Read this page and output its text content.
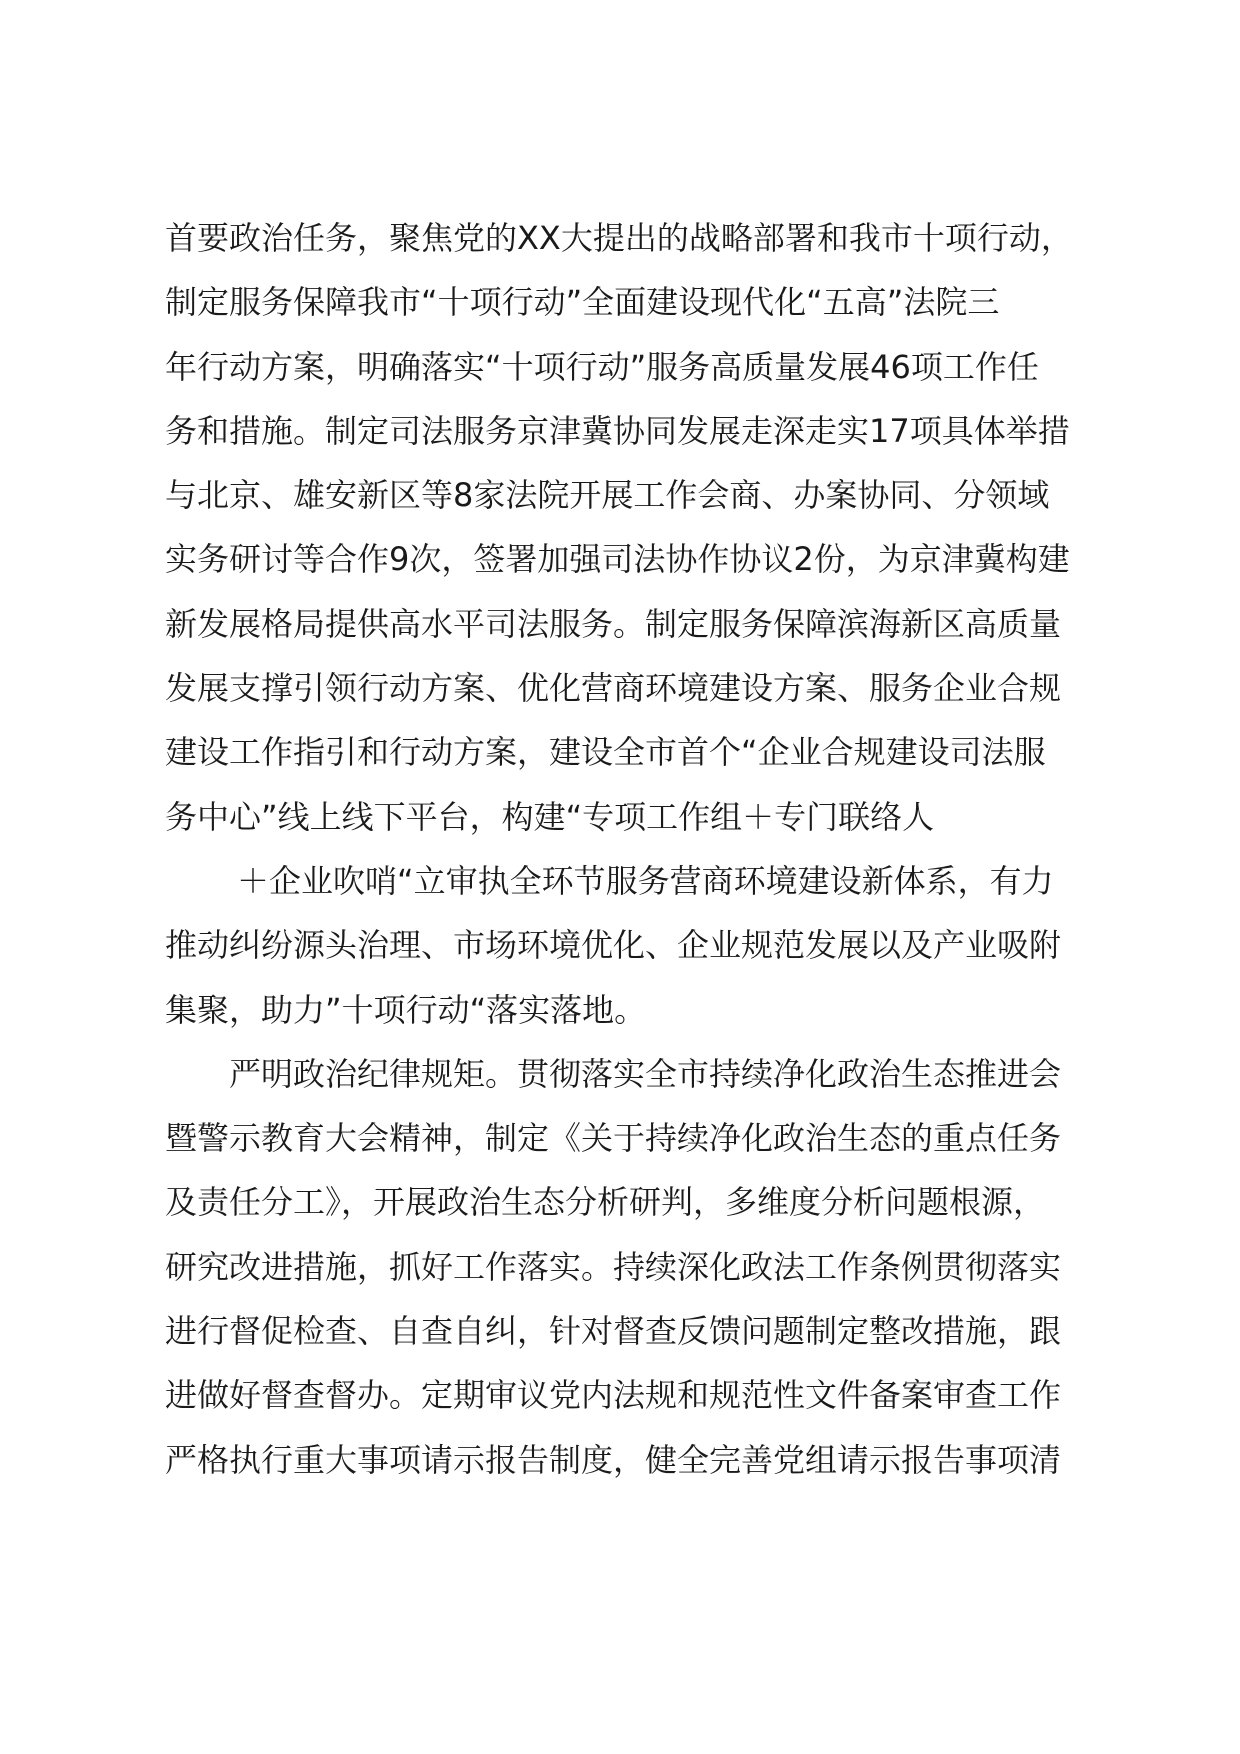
首要政治任务，聚焦党的XX大提出的战略部署和我市十项行动，
制定服务保障我市“十项行动”全面建设现代化“五高”法院三
年行动方案，明确落实“十项行动”服务高质量发展46项工作任
务和措施。制定司法服务京津冀协同发展走深走实17项具体举措
与北京、雄安新区等8家法院开展工作会商、办案协同、分领域
实务研讨等合作9次，签署加强司法协作协议2份，为京津冀构建
新发展格局提供高水平司法服务。制定服务保障滨海新区高质量
发展支撑引领行动方案、优化营商环境建设方案、服务企业合规
建设工作指引和行动方案，建设全市首个“企业合规建设司法服
务中心”线上线下平台，构建“专项工作组＋专门联络人
＋企业吹哨“立审执全环节服务营商环境建设新体系，有力
推动纠纷源头治理、市场环境优化、企业规范发展以及产业吸附
集聚，助力”十项行动“落实落地。
严明政治纪律规矩。贯彻落实全市持续净化政治生态推进会
暨警示教育大会精神，制定《关于持续净化政治生态的重点任务
及责任分工》，开展政治生态分析研判，多维度分析问题根源，
研究改进措施，抓好工作落实。持续深化政法工作条例贯彻落实
进行督促检查、自查自纠，针对督查反馈问题制定整改措施，跟
进做好督查督办。定期审议党内法规和规范性文件备案审查工作
严格执行重大事项请示报告制度，健全完善党组请示报告事项清
